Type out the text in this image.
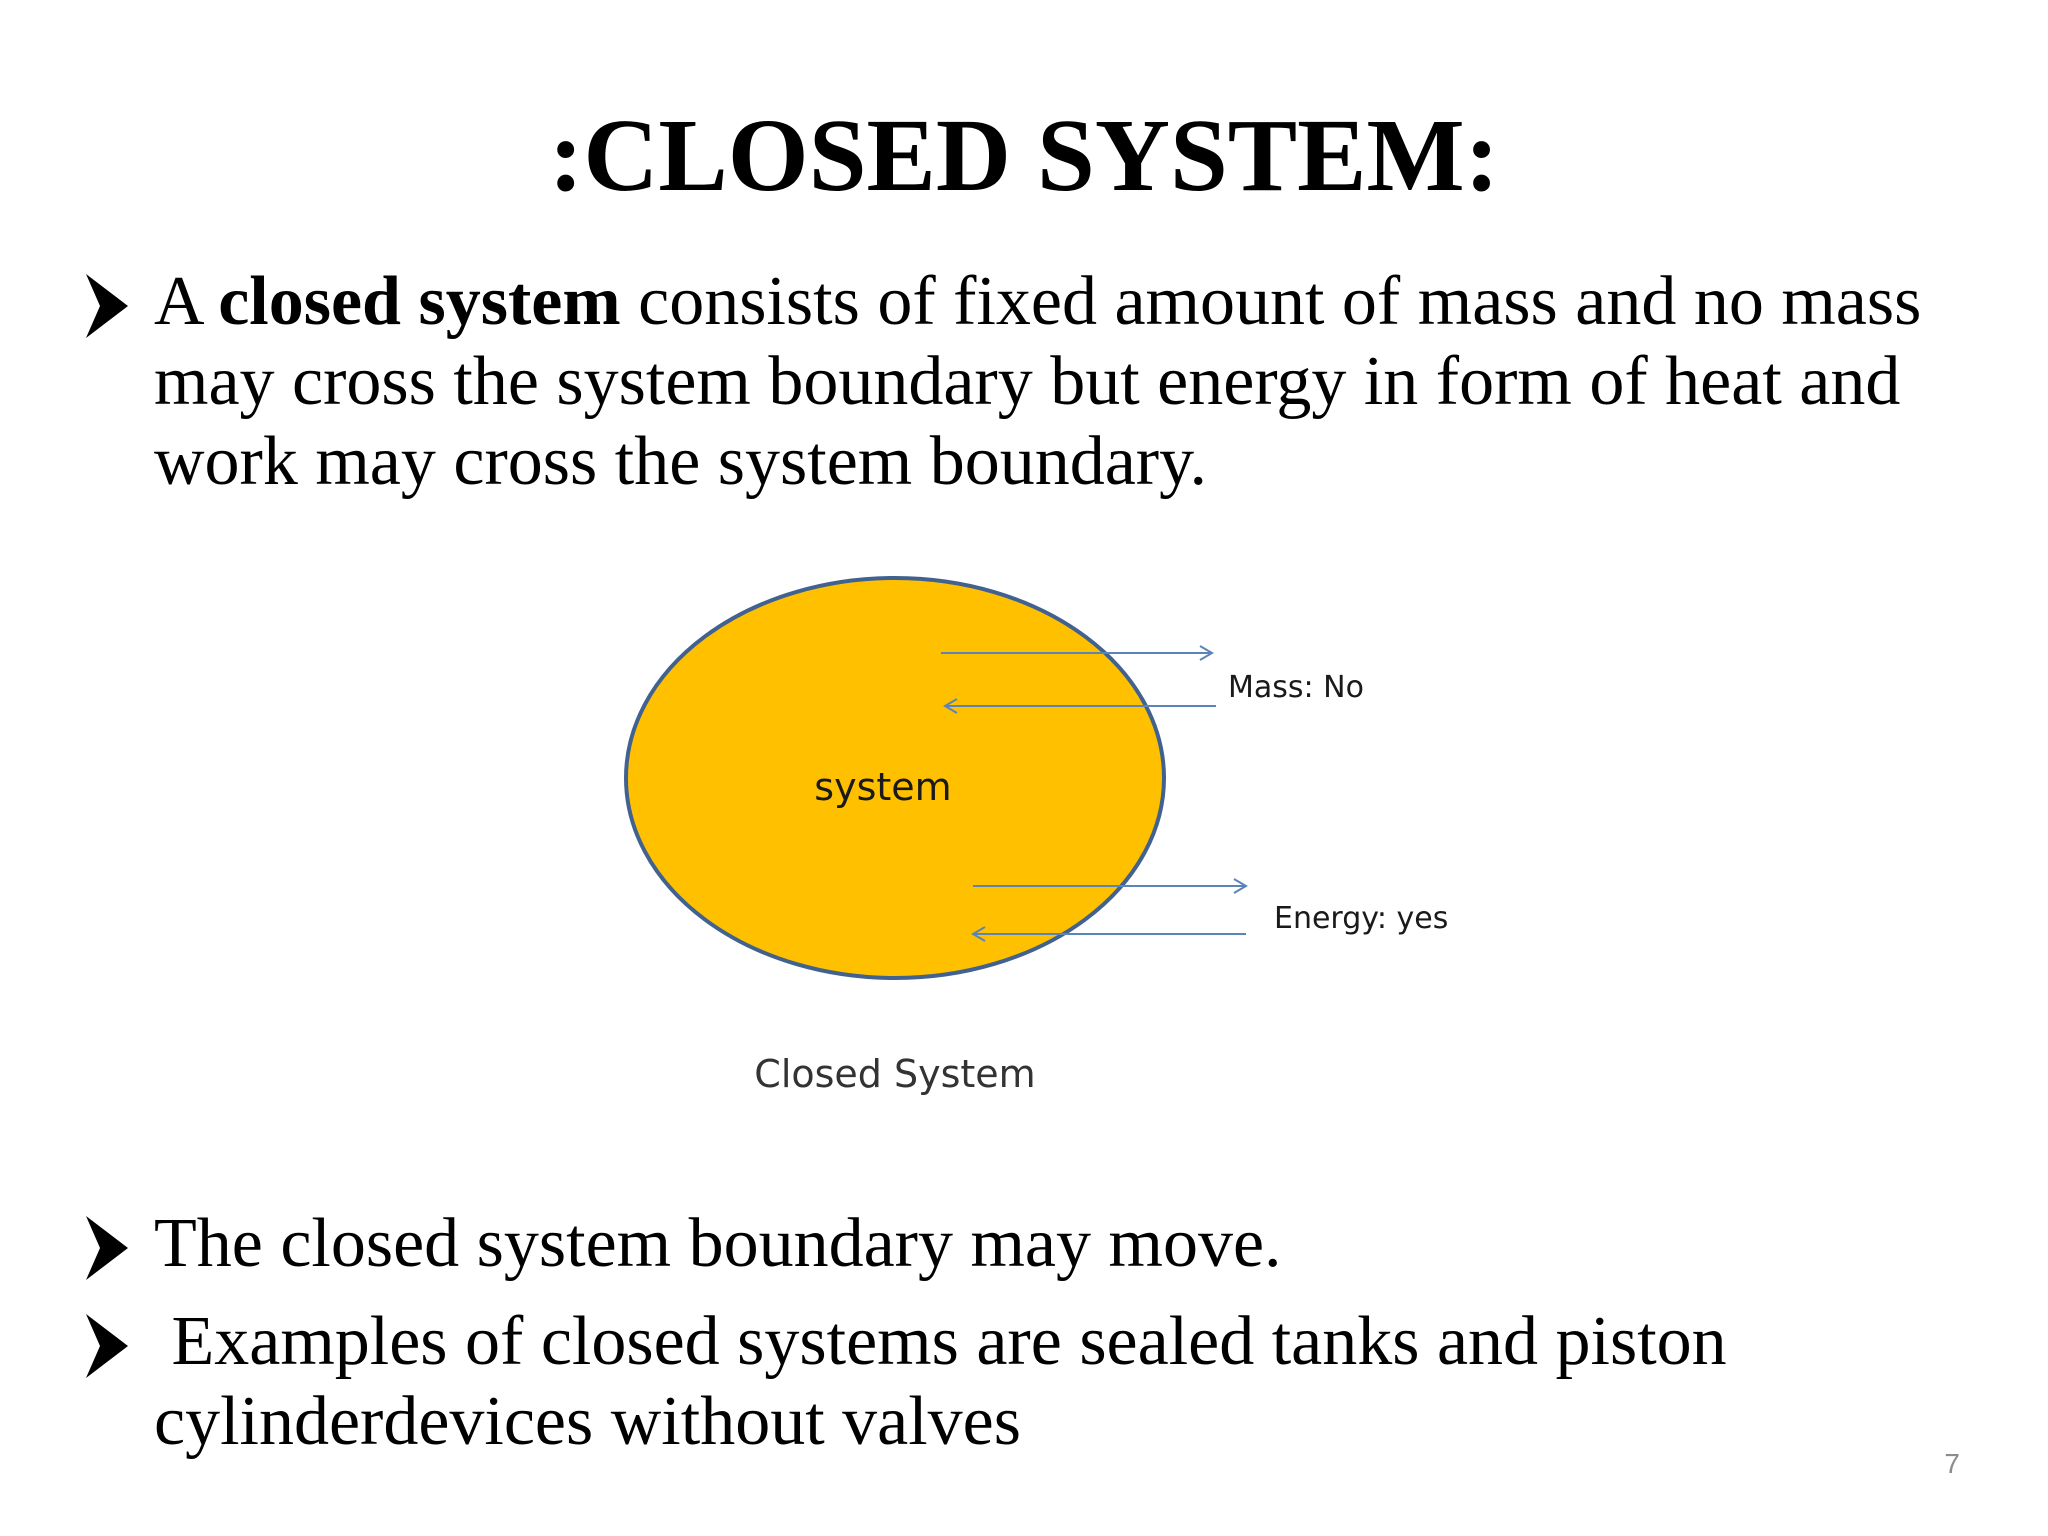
:CLOSED SYSTEM:
A closed system consists of fixed amount of mass and no mass may cross the system boundary but energy in form of heat and work may cross the system boundary.
system
Mass: No
Energy: yes
Closed System
The closed system boundary may move.
Examples of closed systems are sealed tanks and piston cylinderdevices without valves
7
